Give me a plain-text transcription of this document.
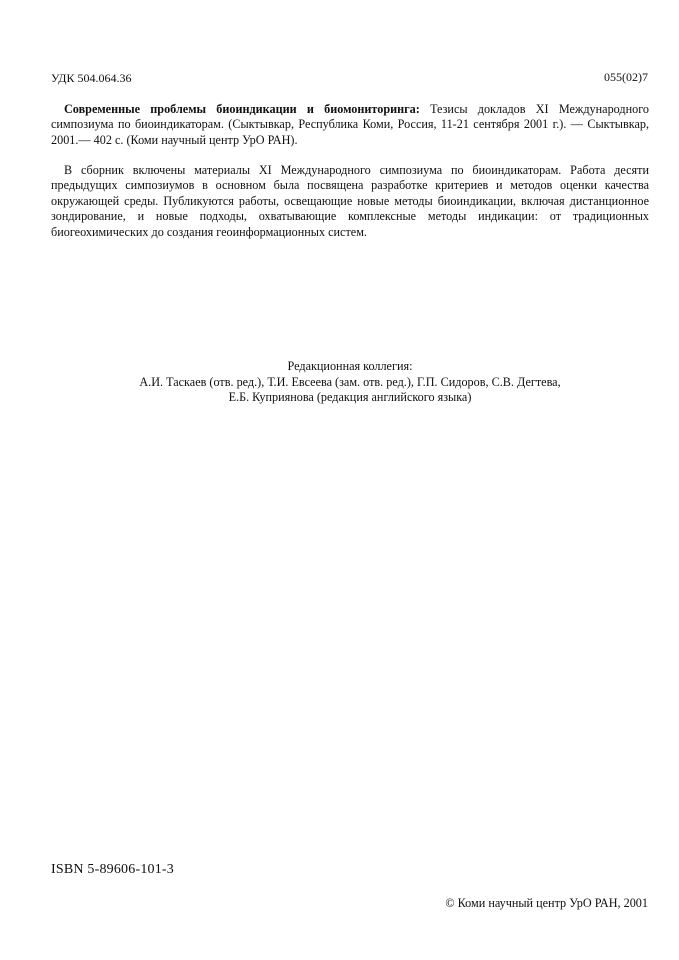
УДК 504.064.36	055(02)7
Современные проблемы биоиндикации и биомониторинга: Тезисы докладов XI Международного симпозиума по биоиндикаторам. (Сыктывкар, Республика Коми, Россия, 11-21 сентября 2001 г.). — Сыктывкар, 2001.— 402 с. (Коми научный центр УрО РАН).
В сборник включены материалы XI Международного симпозиума по биоиндикаторам. Работа десяти предыдущих симпозиумов в основном была посвящена разработке критериев и методов оценки качества окружающей среды. Публикуются работы, освещающие новые методы биоиндикации, включая дистанционное зондирование, и новые подходы, охватывающие комплексные методы индикации: от традиционных биогеохимических до создания геоинформационных систем.
Редакционная коллегия:
А.И. Таскаев (отв. ред.), Т.И. Евсеева (зам. отв. ред.), Г.П. Сидоров, С.В. Дегтева,
Е.Б. Куприянова (редакция английского языка)
ISBN 5-89606-101-3
© Коми научный центр УрО РАН, 2001
